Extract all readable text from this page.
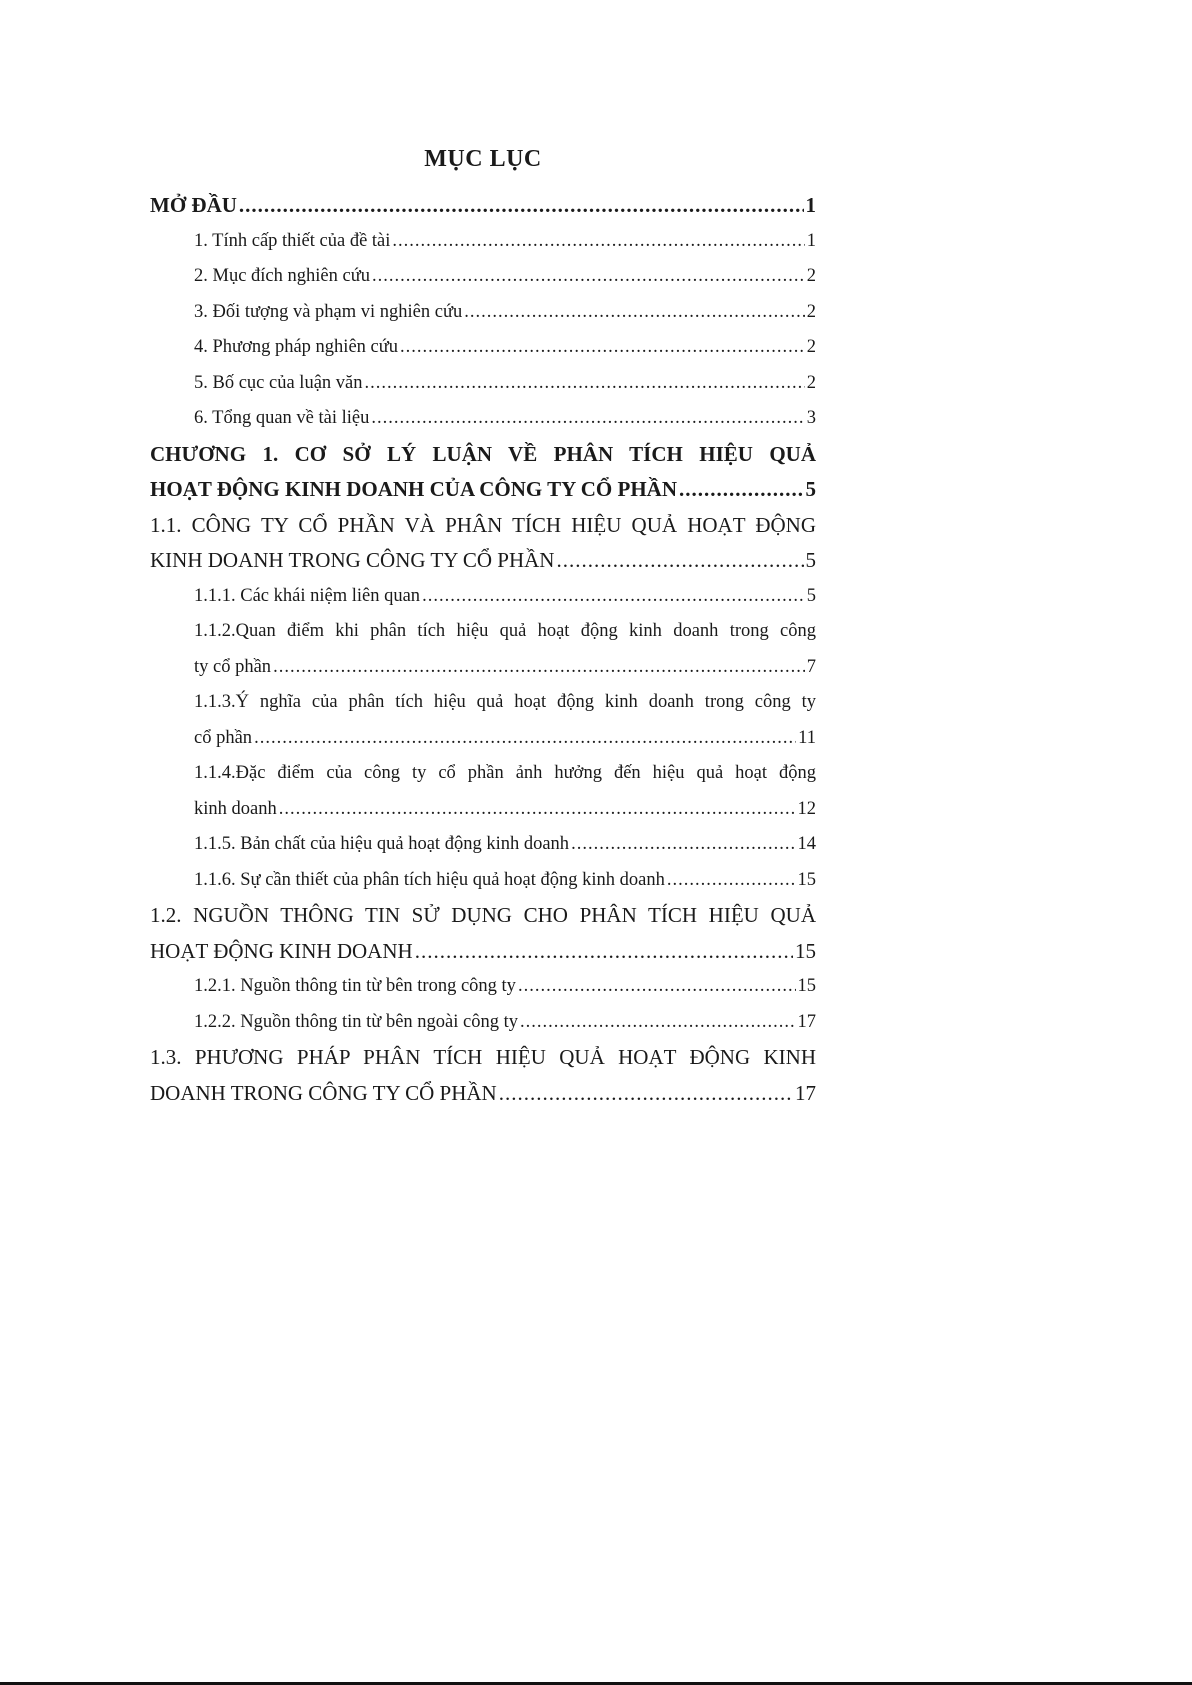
MỤC LỤC
MỞ ĐẦU .....	1
1. Tính cấp thiết của đề tài .....	1
2. Mục đích nghiên cứu .....	2
3. Đối tượng và phạm vi nghiên cứu .....	2
4. Phương pháp nghiên cứu .....	2
5. Bố cục của luận văn .....	2
6. Tổng quan về tài liệu .....	3
CHƯƠNG 1. CƠ SỞ LÝ LUẬN VỀ PHÂN TÍCH HIỆU QUẢ
HOẠT ĐỘNG KINH DOANH CỦA CÔNG TY CỔ PHẦN .....	5
1.1. CÔNG TY CỔ PHẦN VÀ PHÂN TÍCH HIỆU QUẢ HOẠT ĐỘNG
KINH DOANH TRONG CÔNG TY CỔ PHẦN .....	5
1.1.1. Các khái niệm liên quan .....	5
1.1.2.Quan điểm khi phân tích hiệu quả hoạt động kinh doanh trong công
ty cổ phần .....	7
1.1.3.Ý nghĩa của phân tích hiệu quả hoạt động kinh doanh trong công ty
cổ phần .....	11
1.1.4.Đặc điểm của công ty cổ phần ảnh hưởng đến hiệu quả hoạt động
kinh doanh .....	12
1.1.5. Bản chất của hiệu quả hoạt động kinh doanh .....	14
1.1.6. Sự cần thiết của phân tích hiệu quả hoạt động kinh doanh .....	15
1.2. NGUỒN THÔNG TIN SỬ DỤNG CHO PHÂN TÍCH HIỆU QUẢ
HOẠT ĐỘNG KINH DOANH .....	15
1.2.1. Nguồn thông tin từ bên trong công ty .....	15
1.2.2. Nguồn thông tin từ bên ngoài công ty .....	17
1.3. PHƯƠNG PHÁP PHÂN TÍCH HIỆU QUẢ HOẠT ĐỘNG KINH
DOANH TRONG CÔNG TY CỔ PHẦN .....	17
